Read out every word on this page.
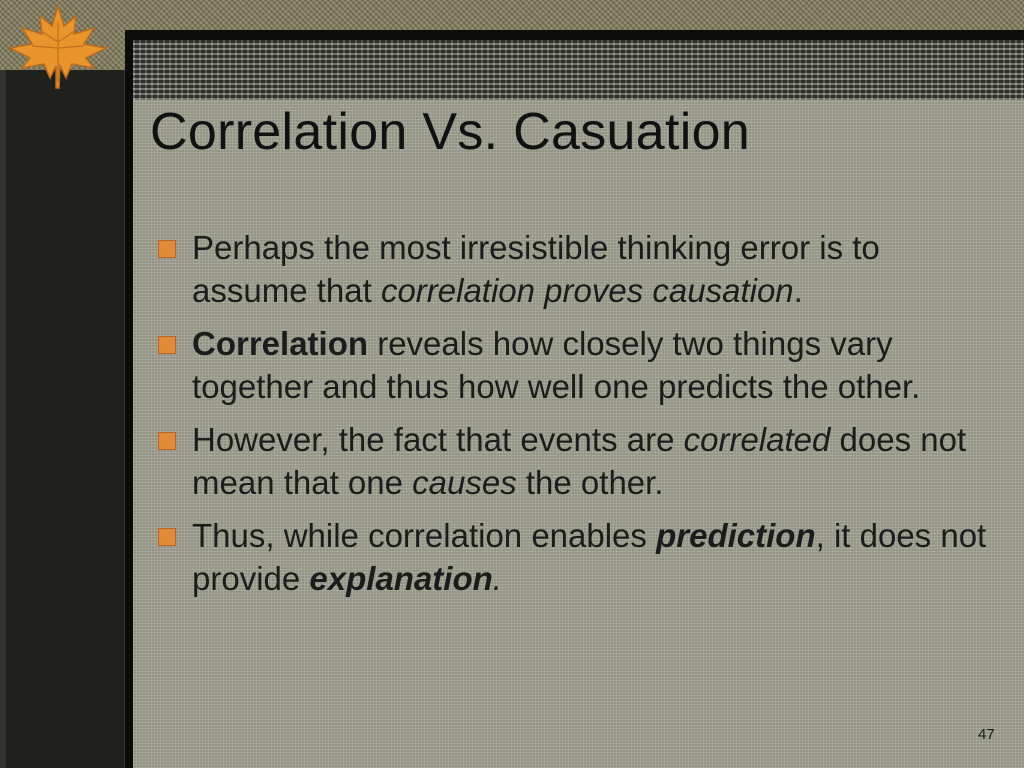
Correlation Vs. Casuation
Perhaps the most irresistible thinking error is to assume that correlation proves causation.
Correlation reveals how closely two things vary together and thus how well one predicts the other.
However, the fact that events are correlated does not mean that one causes the other.
Thus, while correlation enables prediction, it does not provide explanation.
47
